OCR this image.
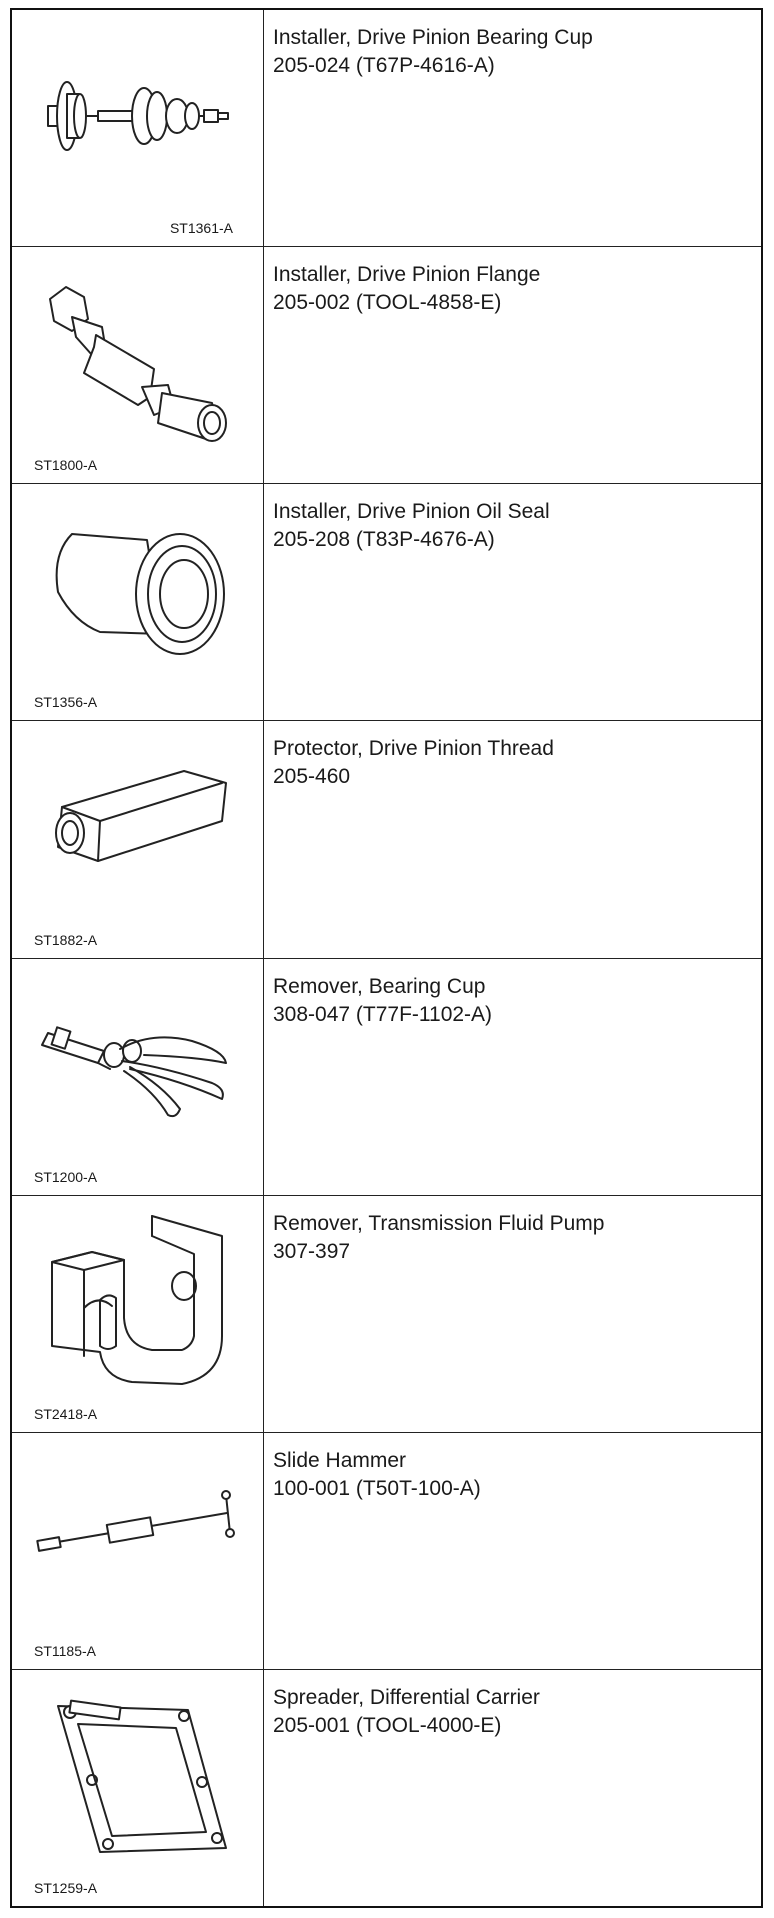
ST1361-A
Installer, Drive Pinion Bearing Cup
205-024 (T67P-4616-A)
ST1800-A
Installer, Drive Pinion Flange
205-002 (TOOL-4858-E)
ST1356-A
Installer, Drive Pinion Oil Seal
205-208 (T83P-4676-A)
ST1882-A
Protector, Drive Pinion Thread
205-460
ST1200-A
Remover, Bearing Cup
308-047 (T77F-1102-A)
ST2418-A
Remover, Transmission Fluid Pump
307-397
ST1185-A
Slide Hammer
100-001 (T50T-100-A)
ST1259-A
Spreader, Differential Carrier
205-001 (TOOL-4000-E)
